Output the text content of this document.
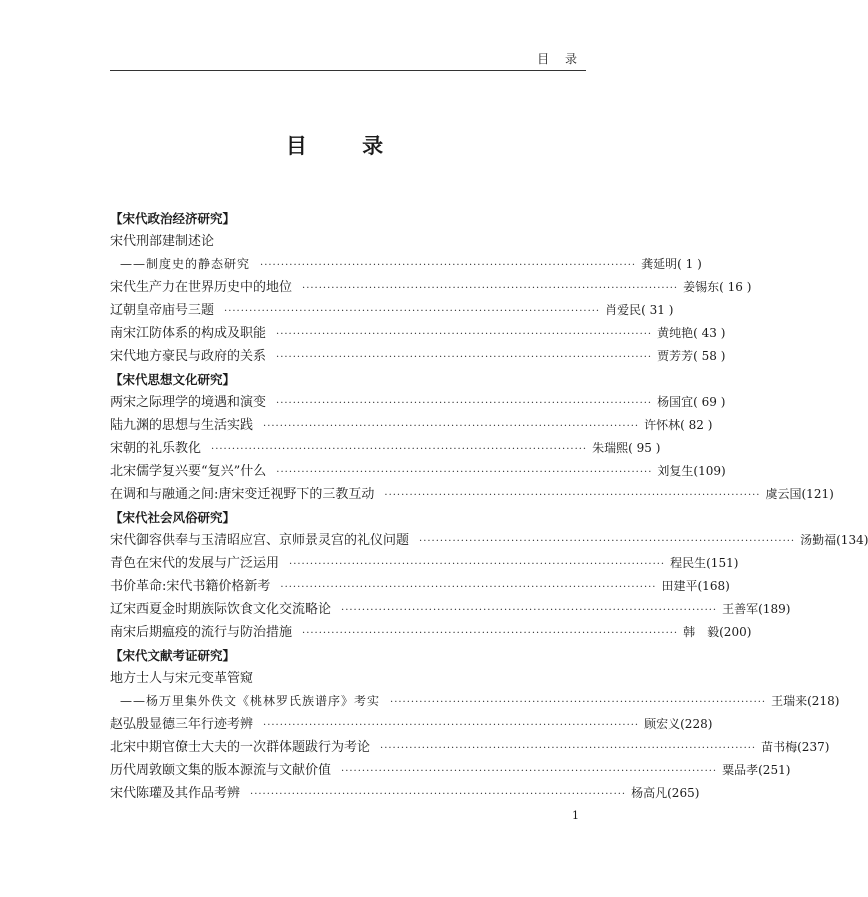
目 录
目 录
【宋代政治经济研究】
宋代刑部建制述论
——制度史的静态研究 ·························································································· 龚延明 ( 1 )
宋代生产力在世界历史中的地位 ·························································································· 姜锡东 ( 16 )
辽朝皇帝庙号三题 ·························································································· 肖爱民 ( 31 )
南宋江防体系的构成及职能 ·························································································· 黄纯艳 ( 43 )
宋代地方豪民与政府的关系 ·························································································· 贾芳芳 ( 58 )
【宋代思想文化研究】
两宋之际理学的境遇和演变 ·························································································· 杨国宜 ( 69 )
陆九渊的思想与生活实践 ·························································································· 许怀林 ( 82 )
宋朝的礼乐教化 ·························································································· 朱瑞熙 ( 95 )
北宋儒学复兴要“复兴”什么 ·························································································· 刘复生 (109)
在调和与融通之间:唐宋变迁视野下的三教互动 ·························································································· 虞云国 (121)
【宋代社会风俗研究】
宋代御容供奉与玉清昭应宫、京师景灵宫的礼仪问题 ·························································································· 汤勤福 (134)
青色在宋代的发展与广泛运用 ·························································································· 程民生 (151)
书价革命:宋代书籍价格新考 ·························································································· 田建平 (168)
辽宋西夏金时期族际饮食文化交流略论 ·························································································· 王善军 (189)
南宋后期瘟疫的流行与防治措施 ·························································································· 韩　毅 (200)
【宋代文献考证研究】
地方士人与宋元变革管窥
——杨万里集外佚文《桃林罗氏族谱序》考实 ·························································································· 王瑞来 (218)
赵弘殷显德三年行迹考辨 ·························································································· 顾宏义 (228)
北宋中期官僚士大夫的一次群体题跋行为考论 ·························································································· 苗书梅 (237)
历代周敦颐文集的版本源流与文献价值 ·························································································· 粟品孝 (251)
宋代陈瓘及其作品考辨 ·························································································· 杨高凡 (265)
1
